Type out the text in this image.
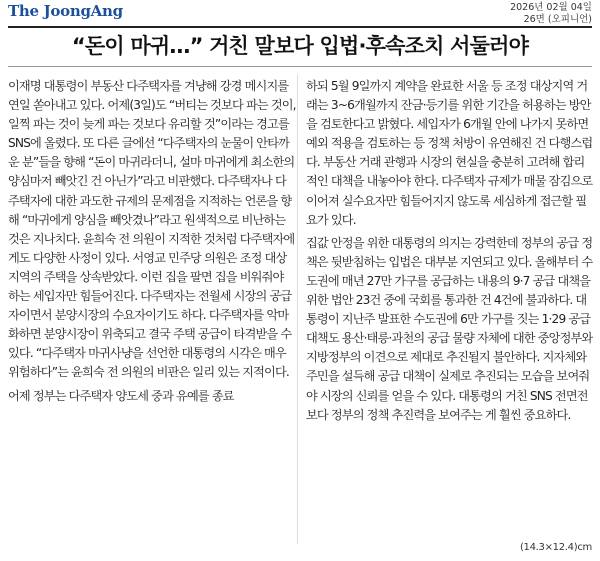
The JoongAng	2026년 02월 04일
26면 (오피니언)
“돈이 마귀…” 거친 말보다 입법·후속조치 서둘러야

이재명 대통령이 부동산 다주택자를 겨냥해 강경 메시지를 연일 쏟아내고 있다. 어제(3일)도 “버티는 것보다 파는 것이, 일찍 파는 것이 늦게 파는 것보다 유리할 것”이라는 경고를 SNS에 올렸다. 또 다른 글에선 “다주택자의 눈물이 안타까운 분”들을 향해 “돈이 마귀라더니, 설마 마귀에게 최소한의 양심마저 빼앗긴 건 아닌가”라고 비판했다. 다주택자나 다주택자에 대한 과도한 규제의 문제점을 지적하는 언론을 향해 “마귀에게 양심을 빼앗겼나”라고 원색적으로 비난하는 것은 지나치다. 윤희숙 전 의원이 지적한 것처럼 다주택자에게도 다양한 사정이 있다. 서영교 민주당 의원은 조정 대상지역의 주택을 상속받았다. 이런 집을 팔면 집을 비워줘야 하는 세입자만 힘들어진다. 다주택자는 전월세 시장의 공급자이면서 분양시장의 수요자이기도 하다. 다주택자를 악마화하면 분양시장이 위축되고 결국 주택 공급이 타격받을 수 있다. “다주택자 마귀사냥을 선언한 대통령의 시각은 매우 위험하다”는 윤희숙 전 의원의 비판은 일리 있는 지적이다.

어제 정부는 다주택자 양도세 중과 유예를 종료

하되 5월 9일까지 계약을 완료한 서울 등 조정 대상지역 거래는 3~6개월까지 잔금·등기를 위한 기간을 허용하는 방안을 검토한다고 밝혔다. 세입자가 6개월 안에 나가지 못하면 예외 적용을 검토하는 등 정책 처방이 유연해진 건 다행스럽다. 부동산 거래 관행과 시장의 현실을 충분히 고려해 합리적인 대책을 내놓아야 한다. 다주택자 규제가 매물 잠김으로 이어져 실수요자만 힘들어지지 않도록 세심하게 접근할 필요가 있다.

집값 안정을 위한 대통령의 의지는 강력한데 정부의 공급 정책은 뒷받침하는 입법은 대부분 지연되고 있다. 올해부터 수도권에 매년 27만 가구를 공급하는 내용의 9·7 공급 대책을 위한 법안 23건 중에 국회를 통과한 건 4건에 불과하다. 대통령이 지난주 발표한 수도권에 6만 가구를 짓는 1·29 공급 대책도 용산·태릉·과천의 공급 물량 자체에 대한 중앙정부와 지방정부의 이견으로 제대로 추진될지 불안하다. 지자체와 주민을 설득해 공급 대책이 실제로 추진되는 모습을 보여줘야 시장의 신뢰를 얻을 수 있다. 대통령의 거친 SNS 전면전보다 정부의 정책 추진력을 보여주는 게 훨씬 중요하다.

(14.3×12.4)cm
